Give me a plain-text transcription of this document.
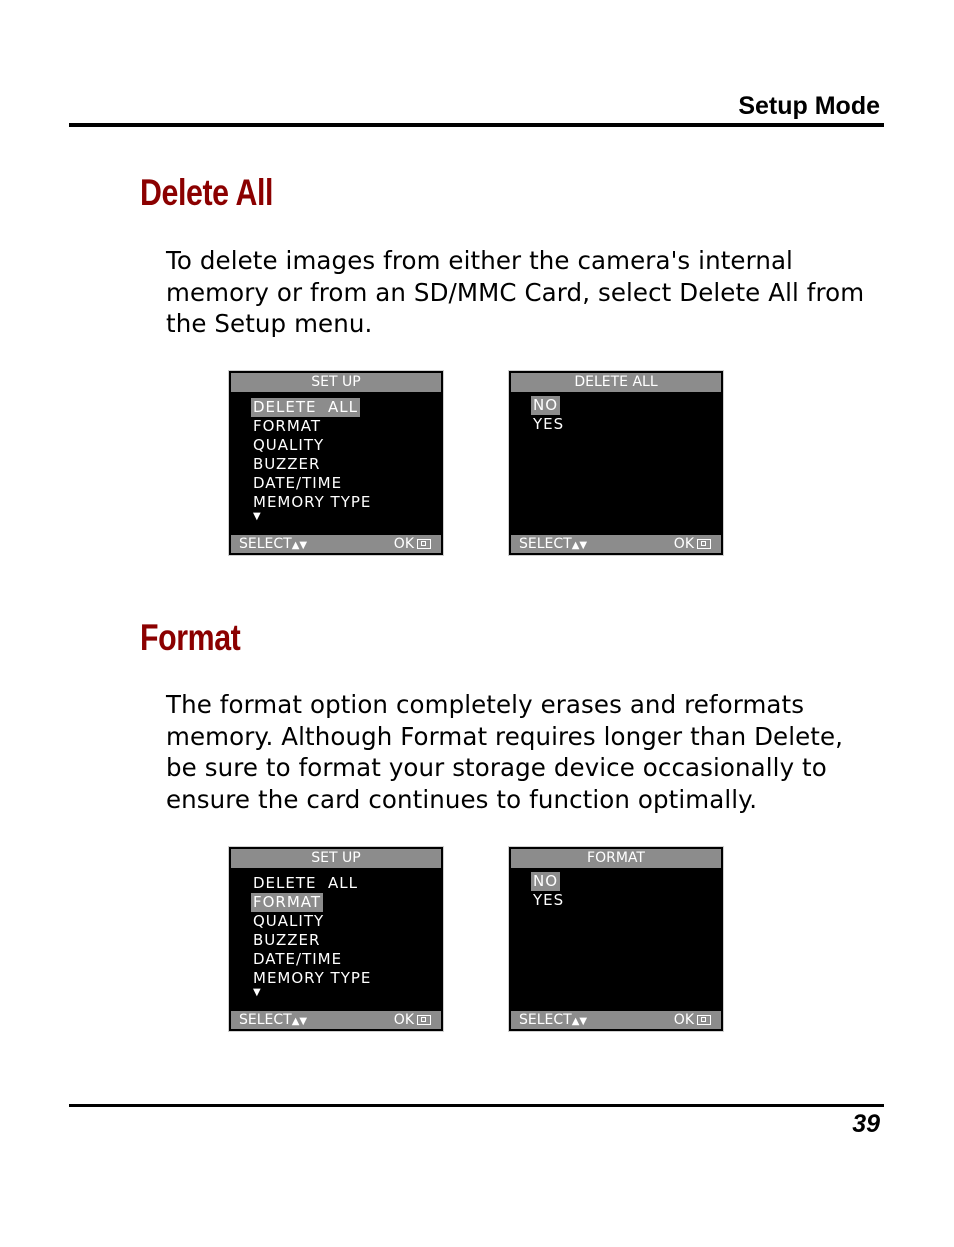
Setup Mode
Delete All

To delete images from either the camera's internal
memory or from an SD/MMC Card, select Delete All from
the Setup menu.

SET UP
DELETE  ALL
FORMAT
QUALITY
BUZZER
DATE/TIME
MEMORY TYPE
▼
SELECT▲▼	OK
DELETE ALL
NO
YES
SELECT▲▼	OK
Format

The format option completely erases and reformats
memory. Although Format requires longer than Delete,
be sure to format your storage device occasionally to
ensure the card continues to function optimally.

SET UP
DELETE  ALL
FORMAT
QUALITY
BUZZER
DATE/TIME
MEMORY TYPE
▼
SELECT▲▼	OK
FORMAT
NO
YES
SELECT▲▼	OK
39
